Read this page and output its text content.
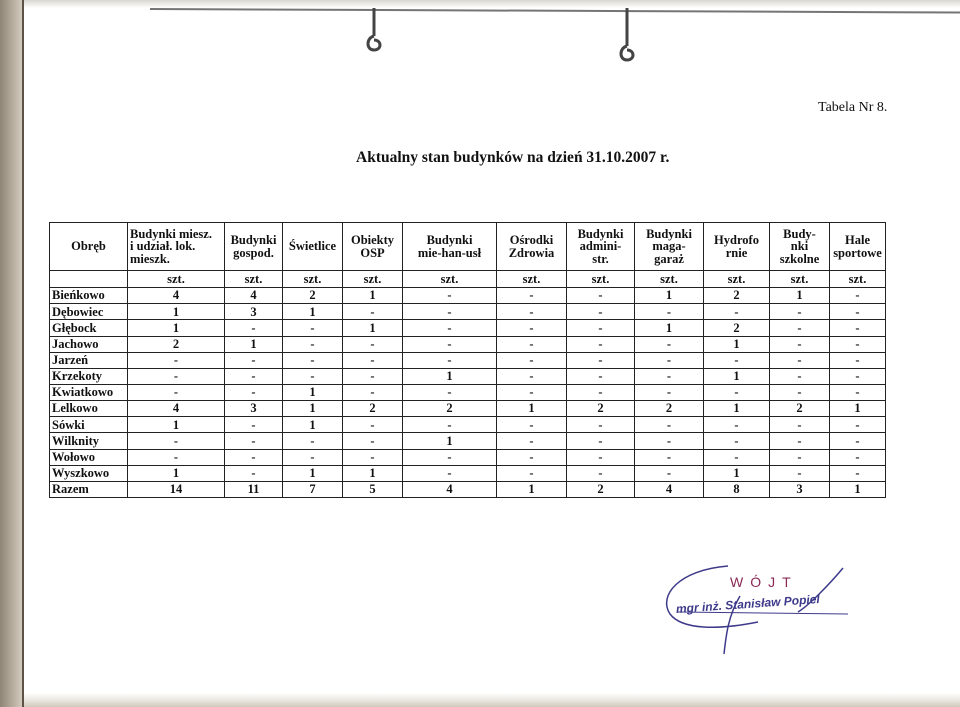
Tabela Nr 8.
Aktualny stan budynków na dzień 31.10.2007 r.
Obręb	Budynki miesz.
i udział. lok.
mieszk.	Budynki
gospod.	Świetlice	Obiekty
OSP	Budynki
mie-han-usł	Ośrodki
Zdrowia	Budynki
admini-
str.	Budynki
maga-
garaż	Hydrofo
rnie	Budy-
nki
szkolne	Hale
sportowe

	szt.	szt.	szt.	szt.	szt.	szt.	szt.	szt.	szt.	szt.	szt.
Bieńkowo	4	4	2	1	-	-	-	1	2	1	-
Dębowiec	1	3	1	-	-	-	-	-	-	-	-
Głębock	1	-	-	1	-	-	-	1	2	-	-
Jachowo	2	1	-	-	-	-	-	-	1	-	-
Jarzeń	-	-	-	-	-	-	-	-	-	-	-
Krzekoty	-	-	-	-	1	-	-	-	1	-	-
Kwiatkowo	-	-	1	-	-	-	-	-	-	-	-
Lelkowo	4	3	1	2	2	1	2	2	1	2	1
Sówki	1	-	1	-	-	-	-	-	-	-	-
Wilknity	-	-	-	-	1	-	-	-	-	-	-
Wołowo	-	-	-	-	-	-	-	-	-	-	-
Wyszkowo	1	-	1	1	-	-	-	-	1	-	-
Razem	14	11	7	5	4	1	2	4	8	3	1
WÓJT
mgr inż. Stanisław Popiel
